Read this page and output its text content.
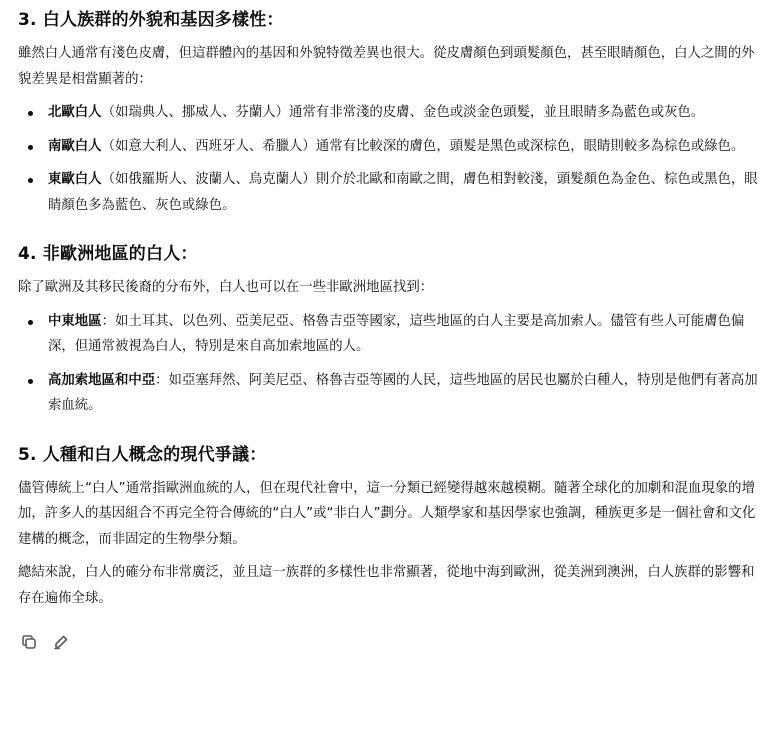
3. 白人族群的外貌和基因多樣性：

雖然白人通常有淺色皮膚，但這群體內的基因和外貌特徵差異也很大。從皮膚顏色到頭髮顏色，甚至眼睛顏色，白人之間的外貌差異是相當顯著的：

北歐白人（如瑞典人、挪威人、芬蘭人）通常有非常淺的皮膚、金色或淡金色頭髮，並且眼睛多為藍色或灰色。
南歐白人（如意大利人、西班牙人、希臘人）通常有比較深的膚色，頭髮是黑色或深棕色，眼睛則較多為棕色或綠色。
東歐白人（如俄羅斯人、波蘭人、烏克蘭人）則介於北歐和南歐之間，膚色相對較淺，頭髮顏色為金色、棕色或黑色，眼睛顏色多為藍色、灰色或綠色。
4. 非歐洲地區的白人：

除了歐洲及其移民後裔的分布外，白人也可以在一些非歐洲地區找到：

中東地區：如土耳其、以色列、亞美尼亞、格魯吉亞等國家，這些地區的白人主要是高加索人。儘管有些人可能膚色偏深，但通常被視為白人，特別是來自高加索地區的人。
高加索地區和中亞：如亞塞拜然、阿美尼亞、格魯吉亞等國的人民，這些地區的居民也屬於白種人，特別是他們有著高加索血統。
5. 人種和白人概念的現代爭議：

儘管傳統上“白人”通常指歐洲血統的人，但在現代社會中，這一分類已經變得越來越模糊。隨著全球化的加劇和混血現象的增加，許多人的基因組合不再完全符合傳統的“白人”或“非白人”劃分。人類學家和基因學家也強調，種族更多是一個社會和文化建構的概念，而非固定的生物學分類。

總結來說，白人的確分布非常廣泛，並且這一族群的多樣性也非常顯著，從地中海到歐洲，從美洲到澳洲，白人族群的影響和存在遍佈全球。
